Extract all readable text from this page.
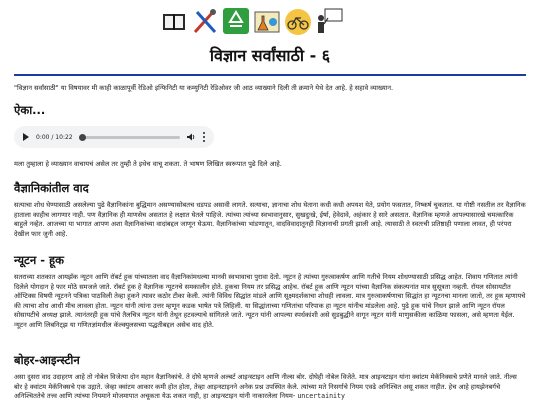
विज्ञान सर्वांसाठी - ६

"विज्ञान सर्वांसाठी" या विषयावर मी काही काळापूर्वी रेडिओ इन्फिनिटी या कम्युनिटी रेडिओवर जी आठ व्याख्याने दिली ती क्रमाने येथे देत आहे. हे सहावे व्याख्यान.

ऐका...
0:00 / 10:22

मला तुम्हाला हे व्याख्यान वाचायचं असेल तर तुम्ही ते इथेच वाचू शकता. ते भाषण लिखित स्वरूपात पुढे दिले आहे.

वैज्ञानिकांतील वाद

सत्याचा शोध घेण्यासाठी असलेल्या पुढे वैज्ञानिकांना बुद्धिमान असण्यासोबतच धडपड असावी लागते. सत्याचा, ज्ञानाचा शोध घेताना कधी कधी अपयश येते, प्रयोग फसतात, निष्कर्ष चुकतात. या गोष्टी नसतील तर वैज्ञानिक हाताला काहीच लागणार नाही. पण वैज्ञानिक ही माणसेच असतात हे लक्षात घेतले पाहिजे. त्यांच्या त्यांच्या स्वभावानुसार, सुखदुःखे, ईर्षा, हेवेदावे, अहंकार हे सारे असतात. वैज्ञानिक म्हणजे आपल्यासारखे चमत्कारिक बाहुले नव्हेत. आजच्या या भागात आपण अशा वैज्ञानिकांच्या वादांबद्दल जाणून घेऊया. वैज्ञानिकांच्या भांडणातून, वादविवादातूनही विज्ञानाची प्रगती झाली आहे. त्यासाठी ते स्वतःची प्रतिष्ठाही पणाला लावत, ही परंपरा देखील फार जुनी आहे.

न्यूटन - हूक

सतराव्या शतकात आयझॅक न्यूटन आणि रॉबर्ट हूक यांच्यातला वाद वैज्ञानिकांमधल्या मानवी स्वभावाचा पुरावा देतो. न्यूटन हे त्यांच्या गुरुत्वाकर्षण आणि गतीचे नियम शोधण्यासाठी प्रसिद्ध आहेत. शिवाय गणितात त्यांनी दिलेले योगदान हे फार मोठे समजले जाते. रॉबर्ट हूक हे वैज्ञानिक न्यूटनचे समकालीन होते. हूकचा नियम तर प्रसिद्ध आहेच. रॉबर्ट हूक आणि न्यूटन यांच्या वैज्ञानिक संकल्पनांत मात्र सुसूत्रता नव्हती. रॉयल सोसायटीत ऑप्टिक्स विषयी न्यूटनने पत्रिका पाठविली तेव्हा हूकने त्यावर कठोर टीका केली. त्यांनी विविध सिद्धांत मांडले आणि सूक्ष्मदर्शकाचा शोधही लावला. मात्र गुरुत्वाकर्षणाचा सिद्धांत हा न्यूटनचा मानला जातो, तर हूक म्हणायचे की त्याचा शोध आधी मीच लावला होता. न्यूटन यांनी त्यांना उत्तर म्हणून कडक भाषेत पत्रे लिहिली. या सिद्धांताच्या गणितांचा परिपाक हा न्यूटन यांनीच मांडलेला आहे. पुढे हूक यांचे निधन झाले आणि न्यूटन रॉयल सोसायटीचे अध्यक्ष झाले. त्यानंतरही हूक यांचे तैलचित्र न्यूटन यांनी तेथून हटवल्याचे सांगितले जाते. न्यूटन यांनी आपल्या स्पर्धकांशी असे सुडबुद्धीने वागून न्यूटन यांनी माणुसकीला काळिमा फासला, असे म्हणता येईल. न्यूटन आणि लिबनिट्झ या गणितज्ञांमधील कॅल्क्युलसच्या पद्धतीबद्दल असेच वाद होते.

बोहर-आइन्स्टीन

असा दुसरा वाद उदाहरण आहे तो नोबेल विजेत्या दोन महान वैज्ञानिकांचे. ते दोघे म्हणजे अल्बर्ट आइन्स्टाइन आणि नील्स बोर. दोघेही नोबेल विजेते. मात्र आइन्स्टाइन यांना क्वांटम मेकॅनिक्सचे प्रणेते मानले जाते. नील्स बोर हे क्वांटम मेकॅनिक्सचे एक उद्गाते. जेव्हा क्वांटम आकार कमी होत होता, तेव्हा आइन्स्टाइनने अनेक प्रश्न उपस्थित केले. त्यांच्या मते निसर्गाचे नियम एवढे अनिश्चित असू शकत नाहीत. हेच आहे हायझेनबर्गचे अनिश्चिततेचे तत्त्व आणि त्यांच्या नियमाने मोजमापात अचूकता येऊ शकत नाही, हा आइन्स्टाइन यांनी नाकारलेला नियम- uncertainity
